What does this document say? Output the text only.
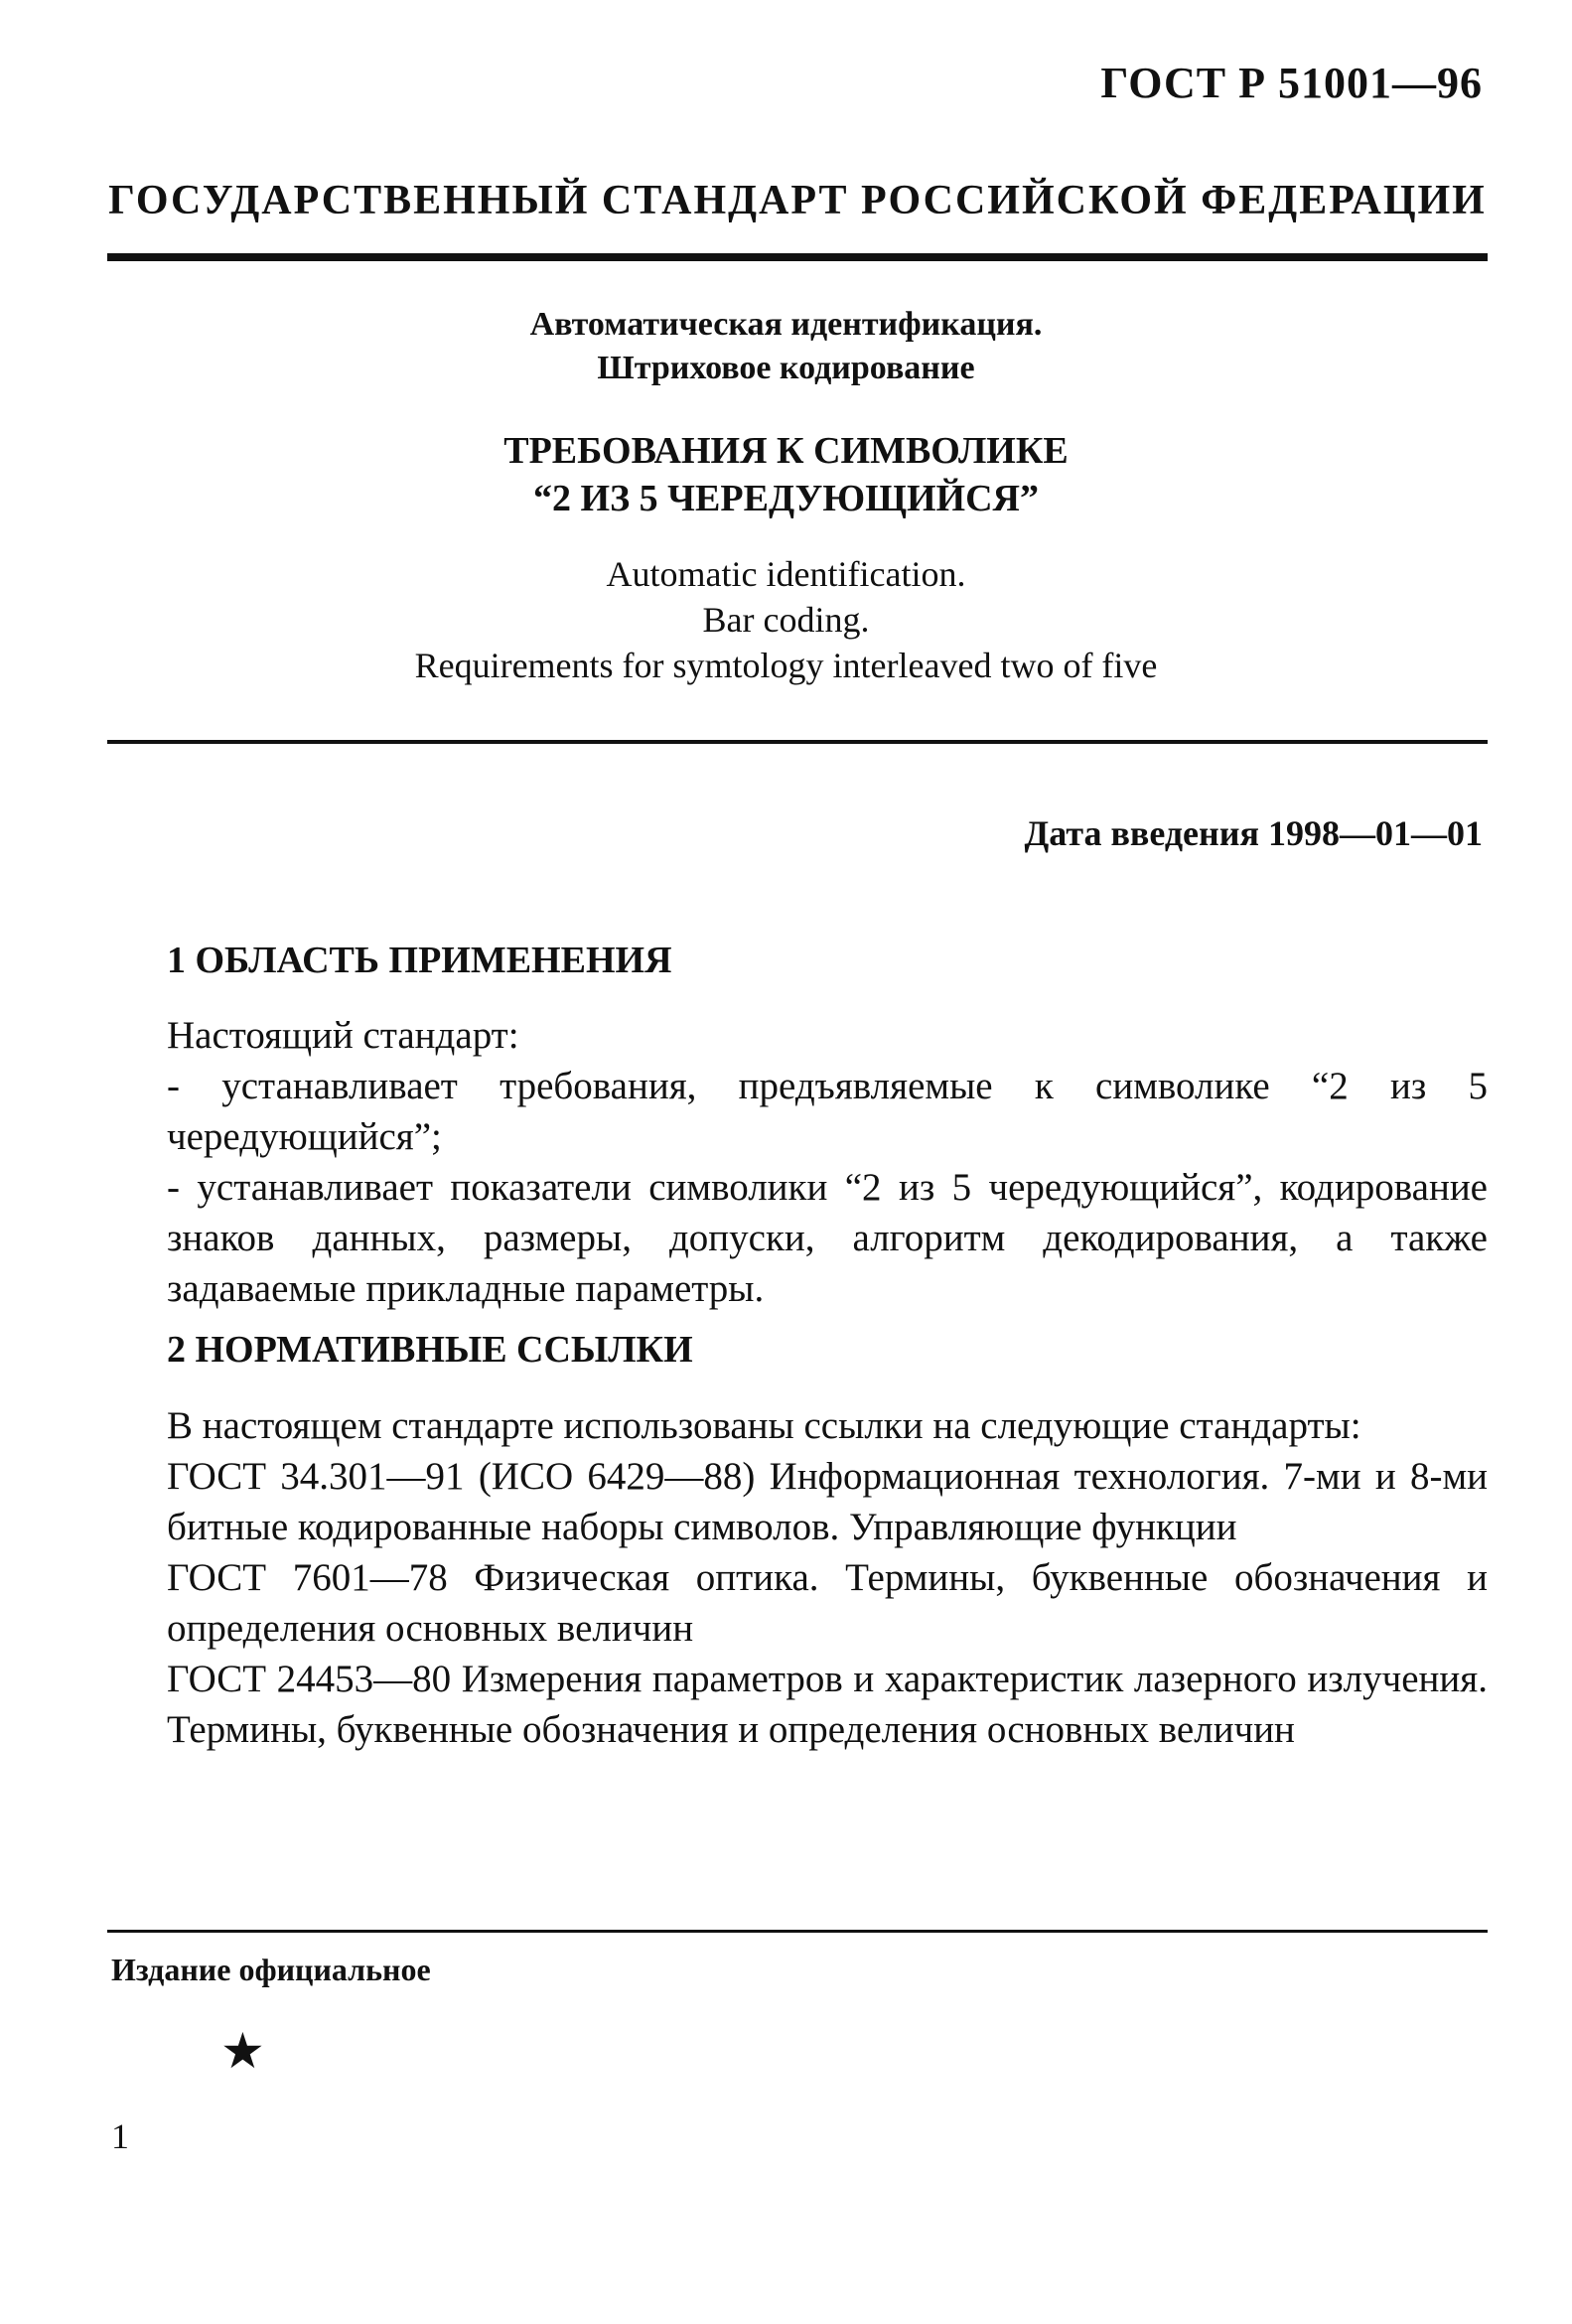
ГОСТ Р 51001—96
ГОСУДАРСТВЕННЫЙ СТАНДАРТ РОССИЙСКОЙ ФЕДЕРАЦИИ
Автоматическая идентификация.
Штриховое кодирование
ТРЕБОВАНИЯ К СИМВОЛИКЕ
“2 ИЗ 5 ЧЕРЕДУЮЩИЙСЯ”
Automatic identification.
Bar coding.
Requirements for symtology interleaved two of five
Дата введения 1998—01—01
1 ОБЛАСТЬ ПРИМЕНЕНИЯ
Настоящий стандарт:
- устанавливает требования, предъявляемые к символике “2 из 5 чередующийся”;
- устанавливает показатели символики “2 из 5 чередующийся”, кодирование знаков данных, размеры, допуски, алгоритм декодирования, а также задаваемые прикладные параметры.
2 НОРМАТИВНЫЕ ССЫЛКИ
В настоящем стандарте использованы ссылки на следующие стандарты:
ГОСТ 34.301—91 (ИСО 6429—88) Информационная технология. 7-ми и 8-ми битные кодированные наборы символов. Управляющие функции
ГОСТ 7601—78 Физическая оптика. Термины, буквенные обозначения и определения основных величин
ГОСТ 24453—80 Измерения параметров и характеристик лазерного излучения. Термины, буквенные обозначения и определения основных величин
Издание официальное
★
1
